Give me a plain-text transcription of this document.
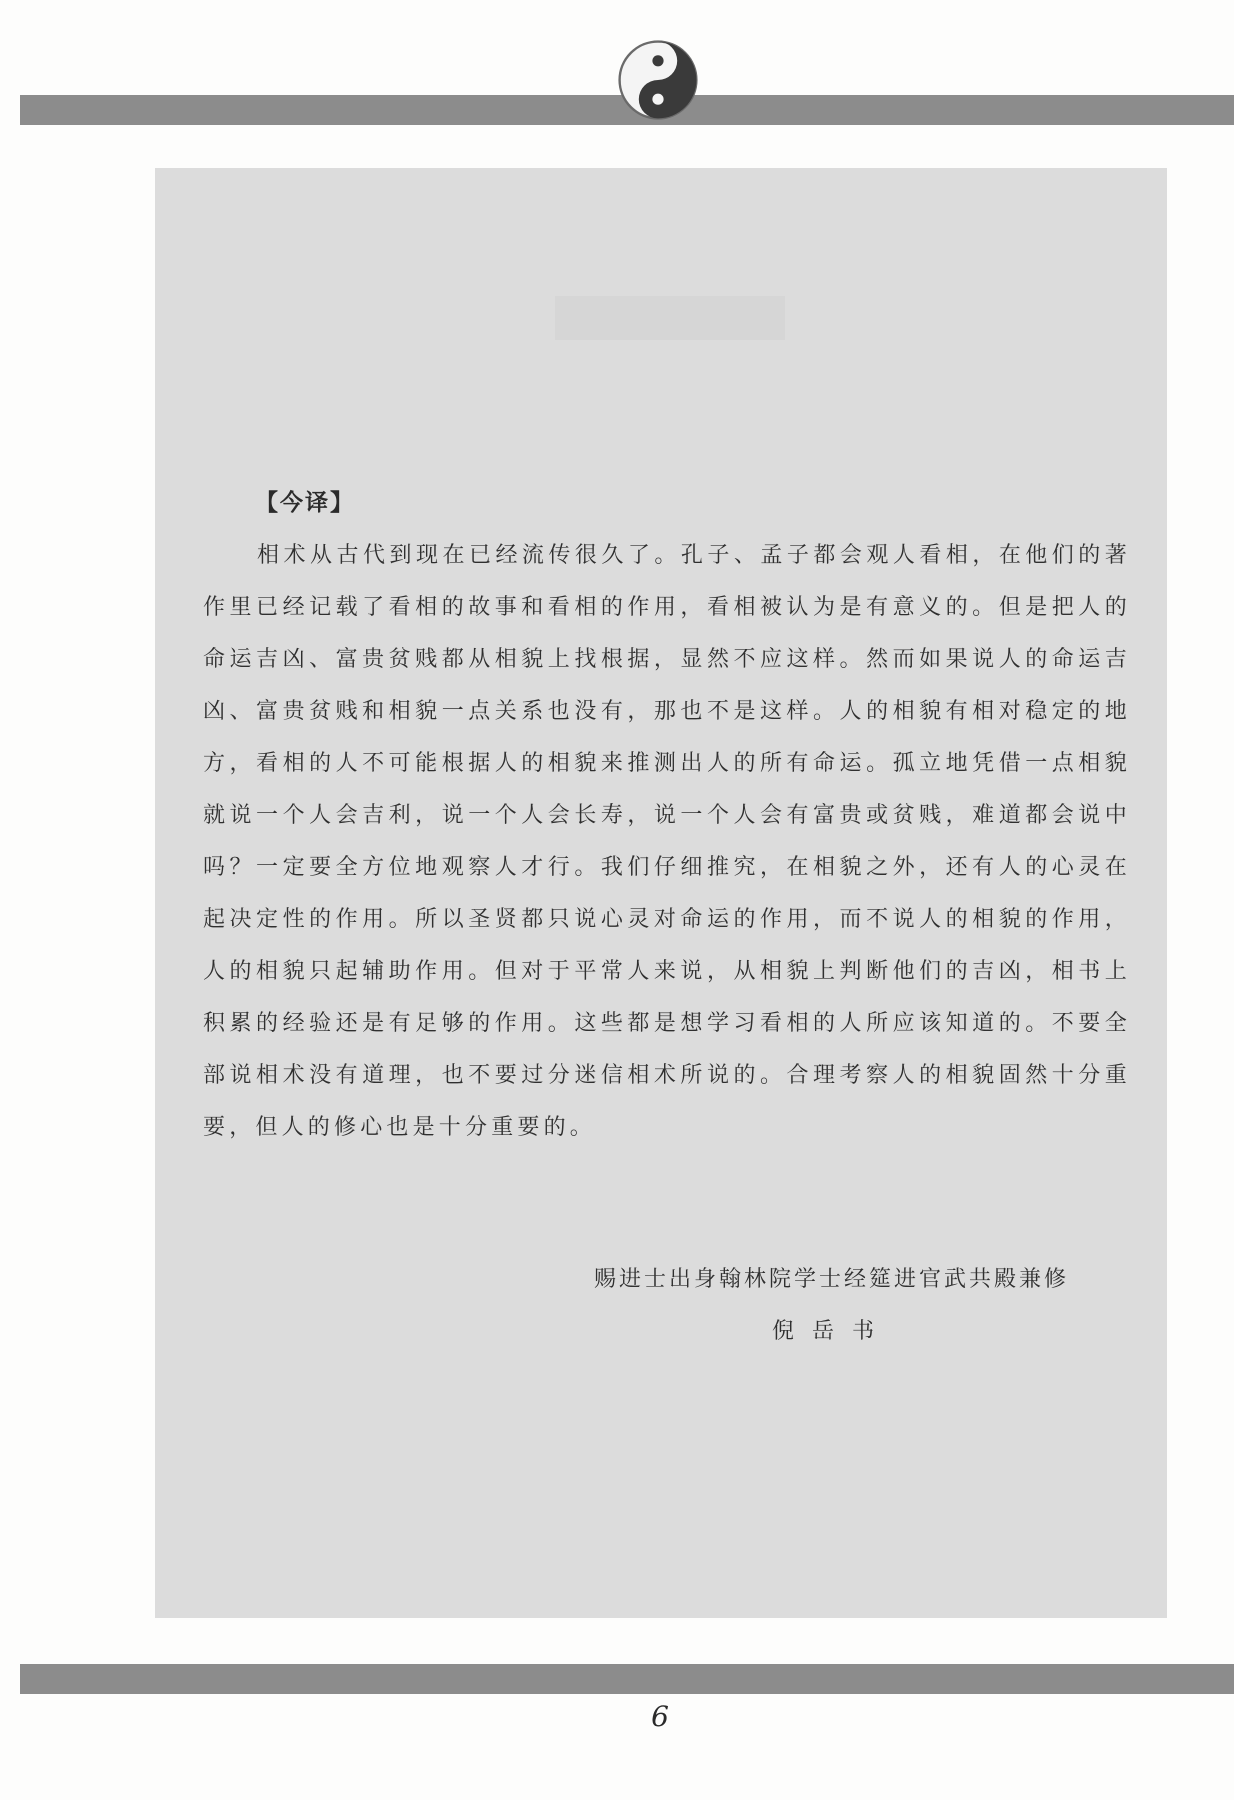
【今译】

相术从古代到现在已经流传很久了。孔子、孟子都会观人看相，在他们的著作里已经记载了看相的故事和看相的作用，看相被认为是有意义的。但是把人的命运吉凶、富贵贫贱都从相貌上找根据，显然不应这样。然而如果说人的命运吉凶、富贵贫贱和相貌一点关系也没有，那也不是这样。人的相貌有相对稳定的地方，看相的人不可能根据人的相貌来推测出人的所有命运。孤立地凭借一点相貌就说一个人会吉利，说一个人会长寿，说一个人会有富贵或贫贱，难道都会说中吗？一定要全方位地观察人才行。我们仔细推究，在相貌之外，还有人的心灵在起决定性的作用。所以圣贤都只说心灵对命运的作用，而不说人的相貌的作用，人的相貌只起辅助作用。但对于平常人来说，从相貌上判断他们的吉凶，相书上积累的经验还是有足够的作用。这些都是想学习看相的人所应该知道的。不要全部说相术没有道理，也不要过分迷信相术所说的。合理考察人的相貌固然十分重要，但人的修心也是十分重要的。

赐进士出身翰林院学士经筵进官武共殿兼修
倪岳书
6
